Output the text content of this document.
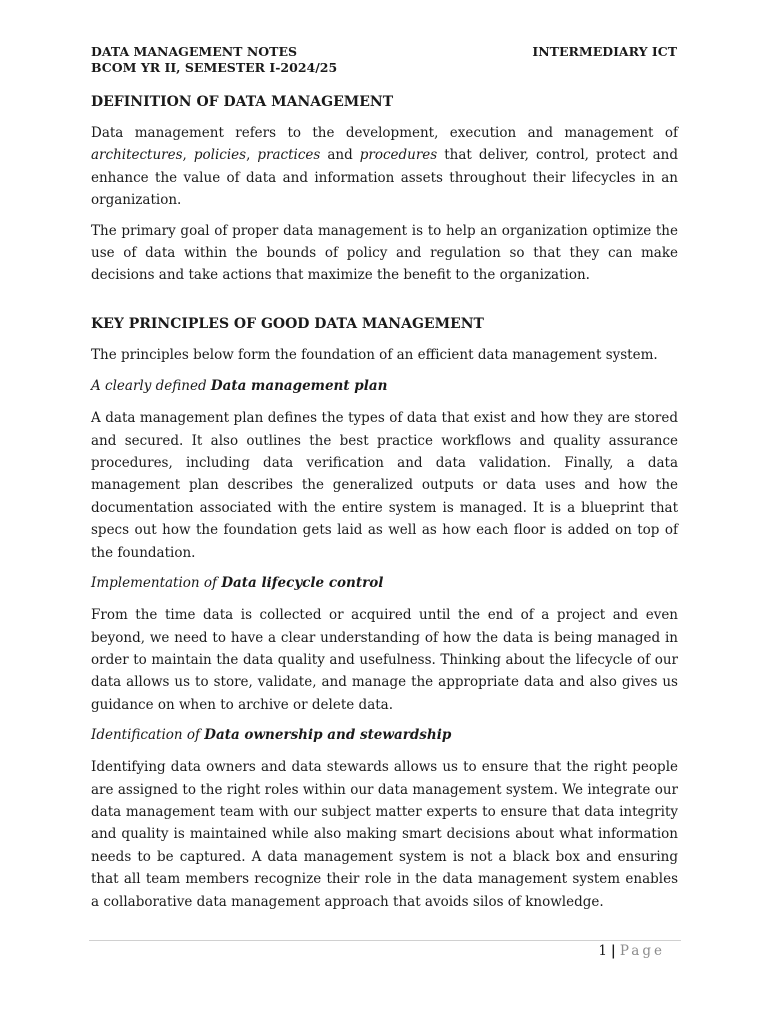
DATA MANAGEMENT NOTES
BCOM YR II, SEMESTER I-2024/25
INTERMEDIARY ICT
DEFINITION OF DATA MANAGEMENT

Data management refers to the development, execution and management of architectures, policies, practices and procedures that deliver, control, protect and enhance the value of data and information assets throughout their lifecycles in an organization.

The primary goal of proper data management is to help an organization optimize the use of data within the bounds of policy and regulation so that they can make decisions and take actions that maximize the benefit to the organization.

KEY PRINCIPLES OF GOOD DATA MANAGEMENT

The principles below form the foundation of an efficient data management system.

A clearly defined Data management plan

A data management plan defines the types of data that exist and how they are stored and secured. It also outlines the best practice workflows and quality assurance procedures, including data verification and data validation. Finally, a data management plan describes the generalized outputs or data uses and how the documentation associated with the entire system is managed. It is a blueprint that specs out how the foundation gets laid as well as how each floor is added on top of the foundation.

Implementation of Data lifecycle control

From the time data is collected or acquired until the end of a project and even beyond, we need to have a clear understanding of how the data is being managed in order to maintain the data quality and usefulness. Thinking about the lifecycle of our data allows us to store, validate, and manage the appropriate data and also gives us guidance on when to archive or delete data.

Identification of Data ownership and stewardship

Identifying data owners and data stewards allows us to ensure that the right people are assigned to the right roles within our data management system. We integrate our data management team with our subject matter experts to ensure that data integrity and quality is maintained while also making smart decisions about what information needs to be captured. A data management system is not a black box and ensuring that all team members recognize their role in the data management system enables a collaborative data management approach that avoids silos of knowledge.

1 | Page
